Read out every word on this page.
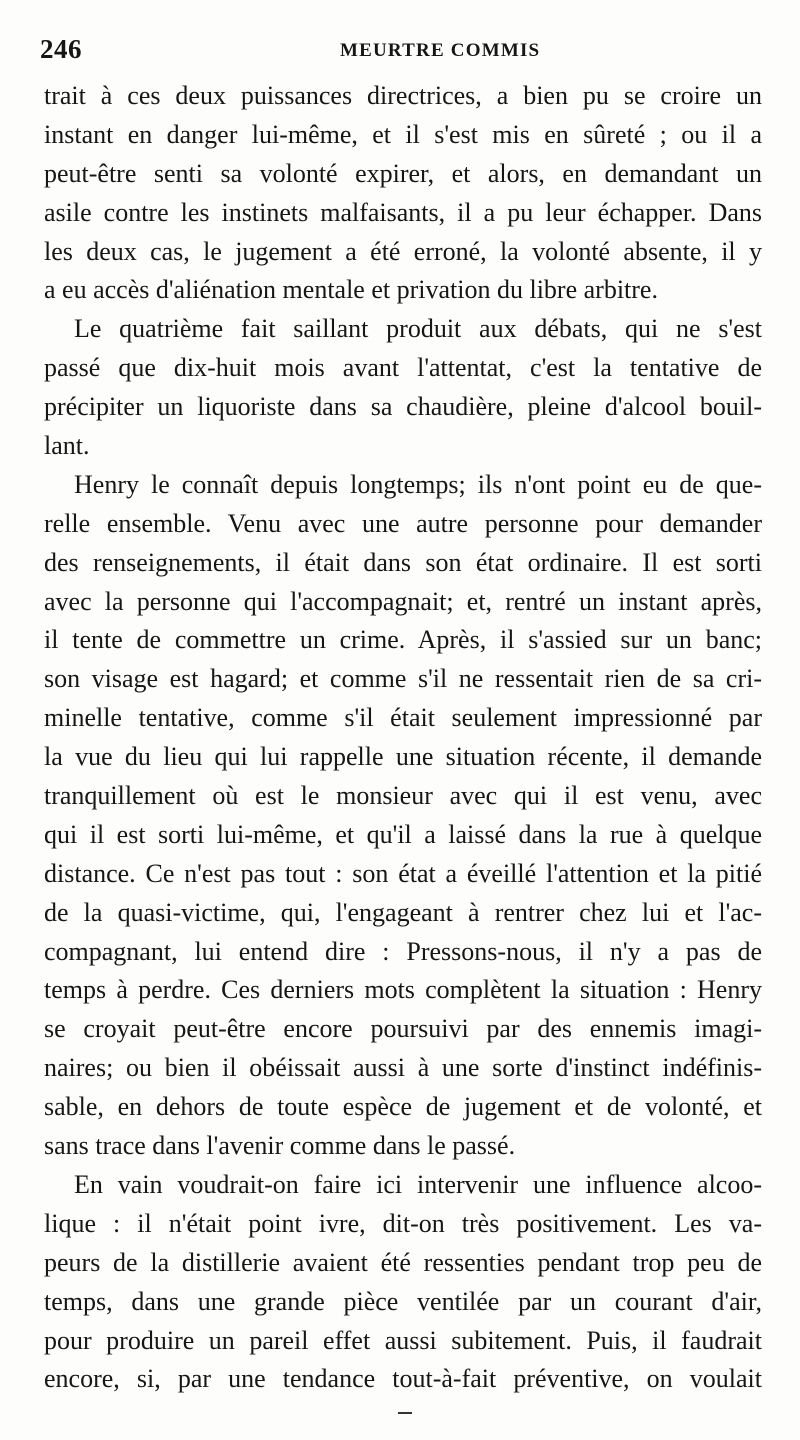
246	MEURTRE COMMIS
trait à ces deux puissances directrices, a bien pu se croire un
instant en danger lui-même, et il s'est mis en sûreté ; ou il a
peut-être senti sa volonté expirer, et alors, en demandant un
asile contre les instinets malfaisants, il a pu leur échapper. Dans
les deux cas, le jugement a été erroné, la volonté absente, il y
a eu accès d'aliénation mentale et privation du libre arbitre.
Le quatrième fait saillant produit aux débats, qui ne s'est
passé que dix-huit mois avant l'attentat, c'est la tentative de
précipiter un liquoriste dans sa chaudière, pleine d'alcool bouil-
lant.
Henry le connaît depuis longtemps; ils n'ont point eu de que-
relle ensemble. Venu avec une autre personne pour demander
des renseignements, il était dans son état ordinaire. Il est sorti
avec la personne qui l'accompagnait; et, rentré un instant après,
il tente de commettre un crime. Après, il s'assied sur un banc;
son visage est hagard; et comme s'il ne ressentait rien de sa cri-
minelle tentative, comme s'il était seulement impressionné par
la vue du lieu qui lui rappelle une situation récente, il demande
tranquillement où est le monsieur avec qui il est venu, avec
qui il est sorti lui-même, et qu'il a laissé dans la rue à quelque
distance. Ce n'est pas tout : son état a éveillé l'attention et la pitié
de la quasi-victime, qui, l'engageant à rentrer chez lui et l'ac-
compagnant, lui entend dire : Pressons-nous, il n'y a pas de
temps à perdre. Ces derniers mots complètent la situation : Henry
se croyait peut-être encore poursuivi par des ennemis imagi-
naires; ou bien il obéissait aussi à une sorte d'instinct indéfinis-
sable, en dehors de toute espèce de jugement et de volonté, et
sans trace dans l'avenir comme dans le passé.
En vain voudrait-on faire ici intervenir une influence alcoo-
lique : il n'était point ivre, dit-on très positivement. Les va-
peurs de la distillerie avaient été ressenties pendant trop peu de
temps, dans une grande pièce ventilée par un courant d'air,
pour produire un pareil effet aussi subitement. Puis, il faudrait
encore, si, par une tendance tout-à-fait préventive, on voulait
